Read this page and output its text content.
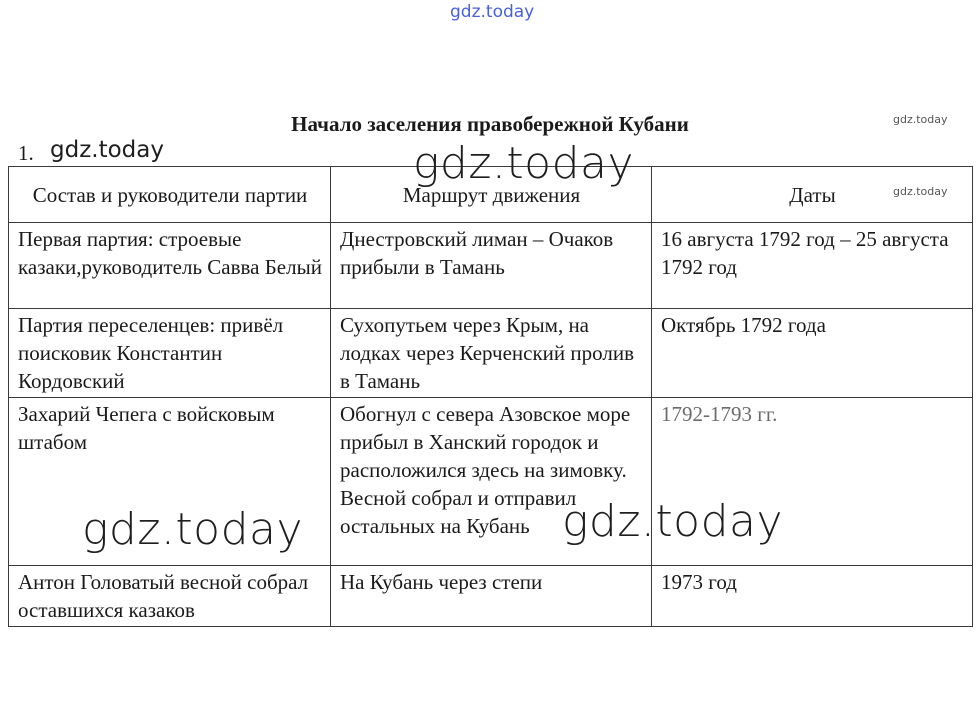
gdz.today
Начало заселения правобережной Кубани	gdz.today
1. gdz.today
Состав и руководители партии	Маршрут движения	Даты
Первая партия: строевые казаки,руководитель Савва Белый	Днестровский лиман – Очаков прибыли в Тамань	16 августа 1792 год – 25 августа 1792 год
Партия переселенцев: привёл поисковик Константин Кордовский	Сухопутьем через Крым, на лодках через Керченский пролив в Тамань	Октябрь 1792 года
Захарий Чепега с войсковым штабом	Обогнул с севера Азовское море прибыл в Ханский городок и расположился здесь на зимовку. Весной собрал и отправил остальных на Кубань	1792-1793 гг.
Антон Головатый весной собрал оставшихся казаков	На Кубань через степи	1973 год
gdz.today
gdz.today
gdz.today	gdz.today
